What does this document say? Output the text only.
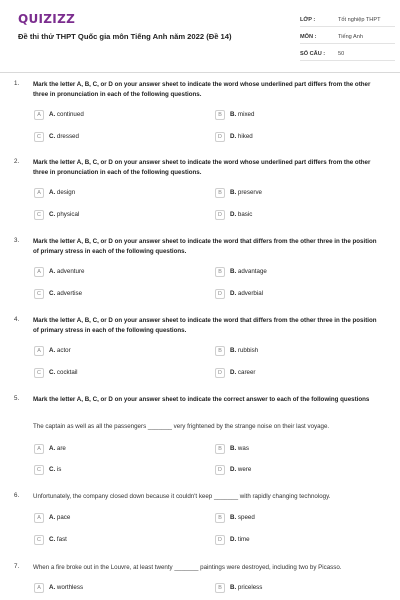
QUIZIZZ
Đề thi thử THPT Quốc gia môn Tiếng Anh năm 2022 (Đề 14)
LỚP :	Tốt nghiệp THPT
MÔN :	Tiếng Anh
SỐ CÂU :	50
1. Mark the letter A, B, C, or D on your answer sheet to indicate the word whose underlined part differs from the other three in pronunciation in each of the following questions.
A	A. continued	B	B. mixed
C	C. dressed	D	D. hiked
2. Mark the letter A, B, C, or D on your answer sheet to indicate the word whose underlined part differs from the other three in pronunciation in each of the following questions.
A	A. design	B	B. preserve
C	C. physical	D	D. basic
3. Mark the letter A, B, C, or D on your answer sheet to indicate the word that differs from the other three in the position of primary stress in each of the following questions.
A	A. adventure	B	B. advantage
C	C. advertise	D	D. adverbial
4. Mark the letter A, B, C, or D on your answer sheet to indicate the word that differs from the other three in the position of primary stress in each of the following questions.
A	A. actor	B	B. rubbish
C	C. cocktail	D	D. career
5. Mark the letter A, B, C, or D on your answer sheet to indicate the correct answer to each of the following questions
The captain as well as all the passengers _______ very frightened by the strange noise on their last voyage.
A	A. are	B	B. was
C	C. is	D	D. were
6. Unfortunately, the company closed down because it couldn't keep _______ with rapidly changing technology.
A	A. pace	B	B. speed
C	C. fast	D	D. time
7. When a fire broke out in the Louvre, at least twenty _______ paintings were destroyed, including two by Picasso.
A	A. worthless	B	B. priceless
